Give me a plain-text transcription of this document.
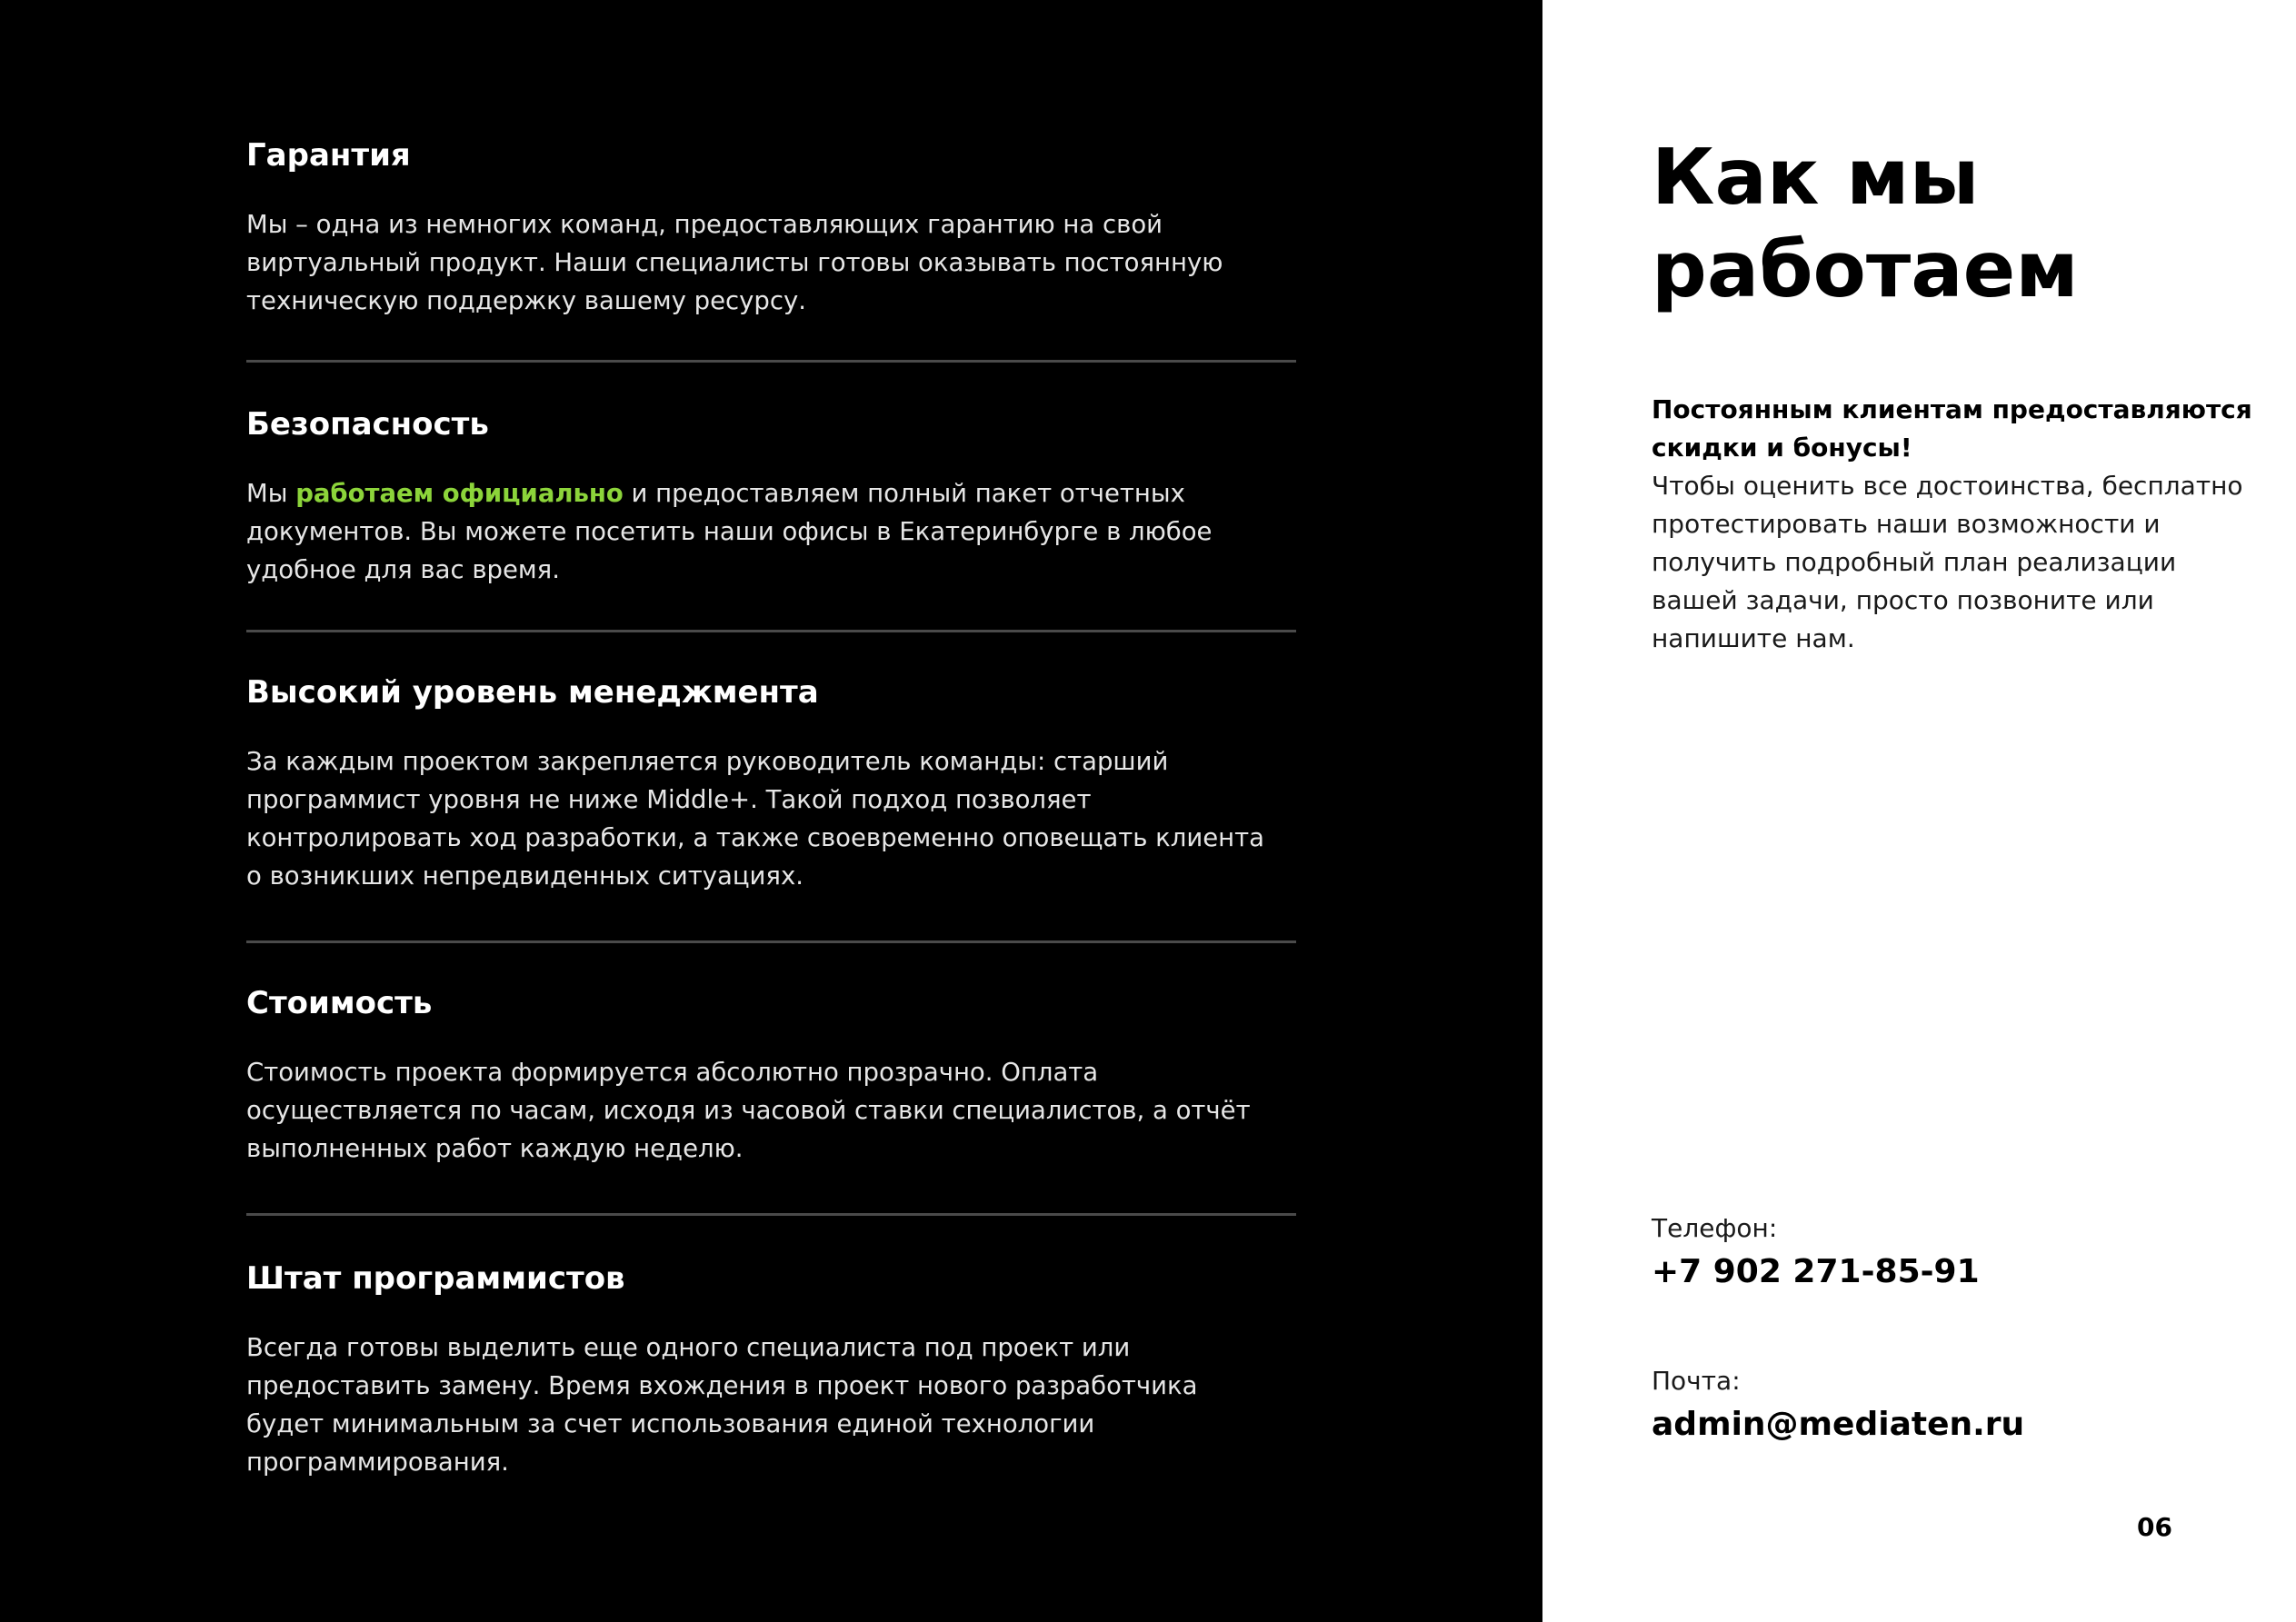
Гарантия

Мы – одна из немногих команд, предоставляющих гарантию на свой виртуальный продукт. Наши специалисты готовы оказывать постоянную техническую поддержку вашему ресурсу.

Безопасность

Мы работаем официально и предоставляем полный пакет отчетных документов. Вы можете посетить наши офисы в Екатеринбурге в любое удобное для вас время.

Высокий уровень менеджмента

За каждым проектом закрепляется руководитель команды: старший программист уровня не ниже Middle+. Такой подход позволяет контролировать ход разработки, а также своевременно оповещать клиента о возникших непредвиденных ситуациях.

Стоимость

Стоимость проекта формируется абсолютно прозрачно. Оплата осуществляется по часам, исходя из часовой ставки специалистов, а отчёт выполненных работ каждую неделю.

Штат программистов

Всегда готовы выделить еще одного специалиста под проект или предоставить замену. Время вхождения в проект нового разработчика будет минимальным за счет использования единой технологии программирования.

Как мы работаем

Постоянным клиентам предоставляются скидки и бонусы!
Чтобы оценить все достоинства, бесплатно протестировать наши возможности и получить подробный план реализации вашей задачи, просто позвоните или напишите нам.

Телефон:
+7 902 271-85-91
Почта:
admin@mediaten.ru
06
